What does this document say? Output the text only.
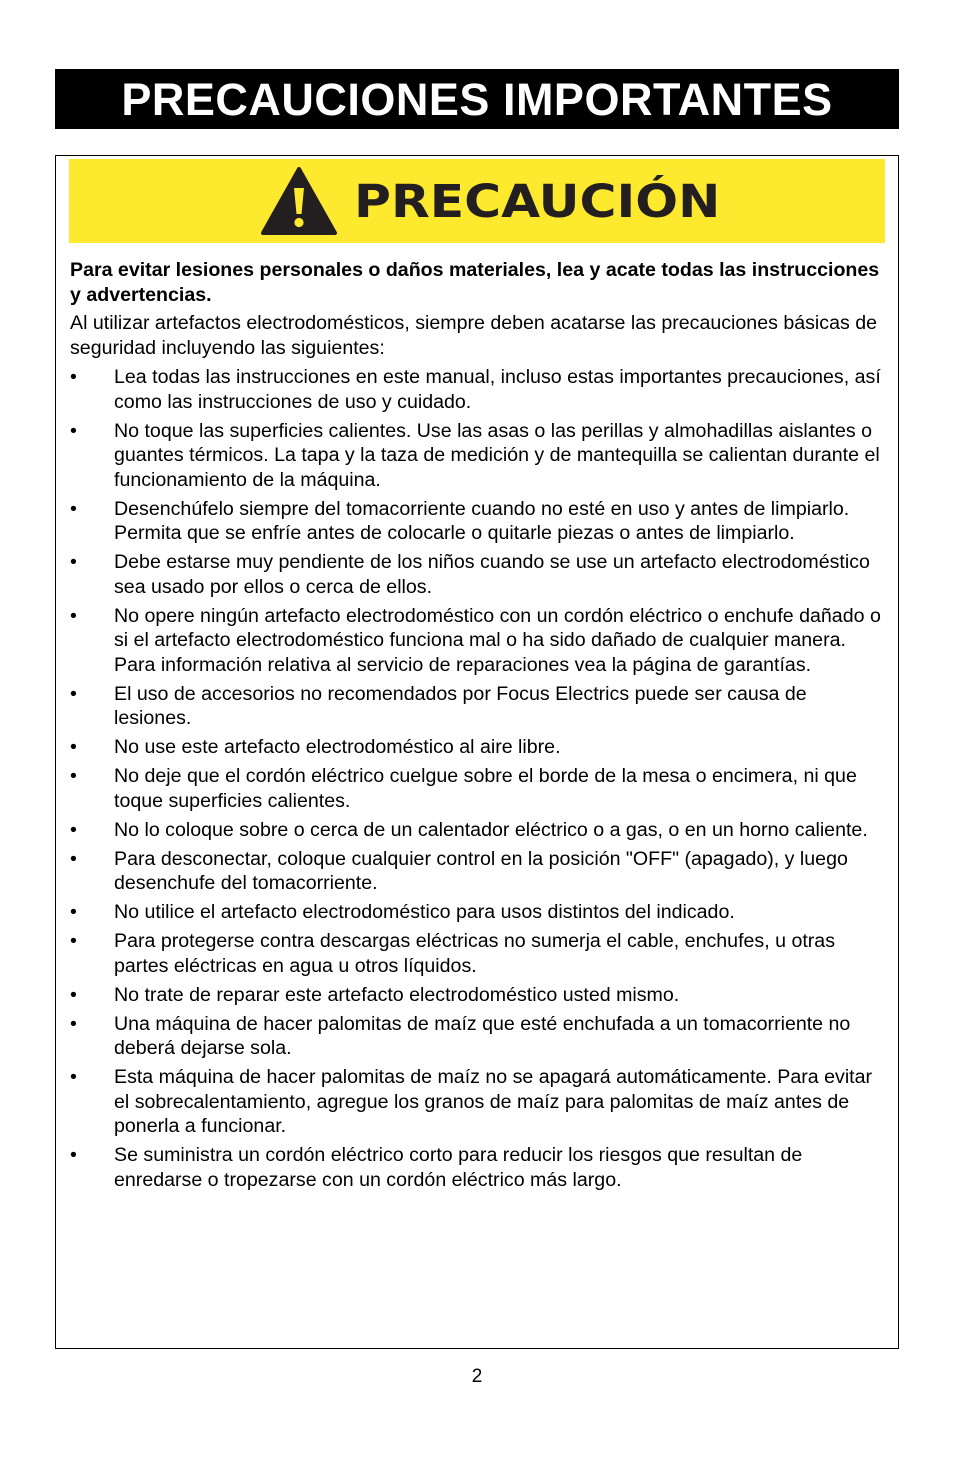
PRECAUCIONES IMPORTANTES
PRECAUCIÓN

Para evitar lesiones personales o daños materiales, lea y acate todas las instrucciones y advertencias.

Al utilizar artefactos electrodomésticos, siempre deben acatarse las precauciones básicas de seguridad incluyendo las siguientes:

•	Lea todas las instrucciones en este manual, incluso estas importantes precauciones, así como las instrucciones de uso y cuidado.
•	No toque las superficies calientes. Use las asas o las perillas y almohadillas aislantes o guantes térmicos. La tapa y la taza de medición y de mantequilla se calientan durante el funcionamiento de la máquina.
•	Desenchúfelo siempre del tomacorriente cuando no esté en uso y antes de limpiarlo. Permita que se enfríe antes de colocarle o quitarle piezas o antes de limpiarlo.
•	Debe estarse muy pendiente de los niños cuando se use un artefacto electrodoméstico sea usado por ellos o cerca de ellos.
•	No opere ningún artefacto electrodoméstico con un cordón eléctrico o enchufe dañado o si el artefacto electrodoméstico funciona mal o ha sido dañado de cualquier manera. Para información relativa al servicio de reparaciones vea la página de garantías.
•	El uso de accesorios no recomendados por Focus Electrics puede ser causa de lesiones.
•	No use este artefacto electrodoméstico al aire libre.
•	No deje que el cordón eléctrico cuelgue sobre el borde de la mesa o encimera, ni que toque superficies calientes.
•	No lo coloque sobre o cerca de un calentador eléctrico o a gas, o en un horno caliente.
•	Para desconectar, coloque cualquier control en la posición "OFF" (apagado), y luego desenchufe del tomacorriente.
•	No utilice el artefacto electrodoméstico para usos distintos del indicado.
•	Para protegerse contra descargas eléctricas no sumerja el cable, enchufes, u otras partes eléctricas en agua u otros líquidos.
•	No trate de reparar este artefacto electrodoméstico usted mismo.
•	Una máquina de hacer palomitas de maíz que esté enchufada a un tomacorriente no deberá dejarse sola.
•	Esta máquina de hacer palomitas de maíz no se apagará automáticamente. Para evitar el sobrecalentamiento, agregue los granos de maíz para palomitas de maíz antes de ponerla a funcionar.
•	Se suministra un cordón eléctrico corto para reducir los riesgos que resultan de enredarse o tropezarse con un cordón eléctrico más largo.
2
